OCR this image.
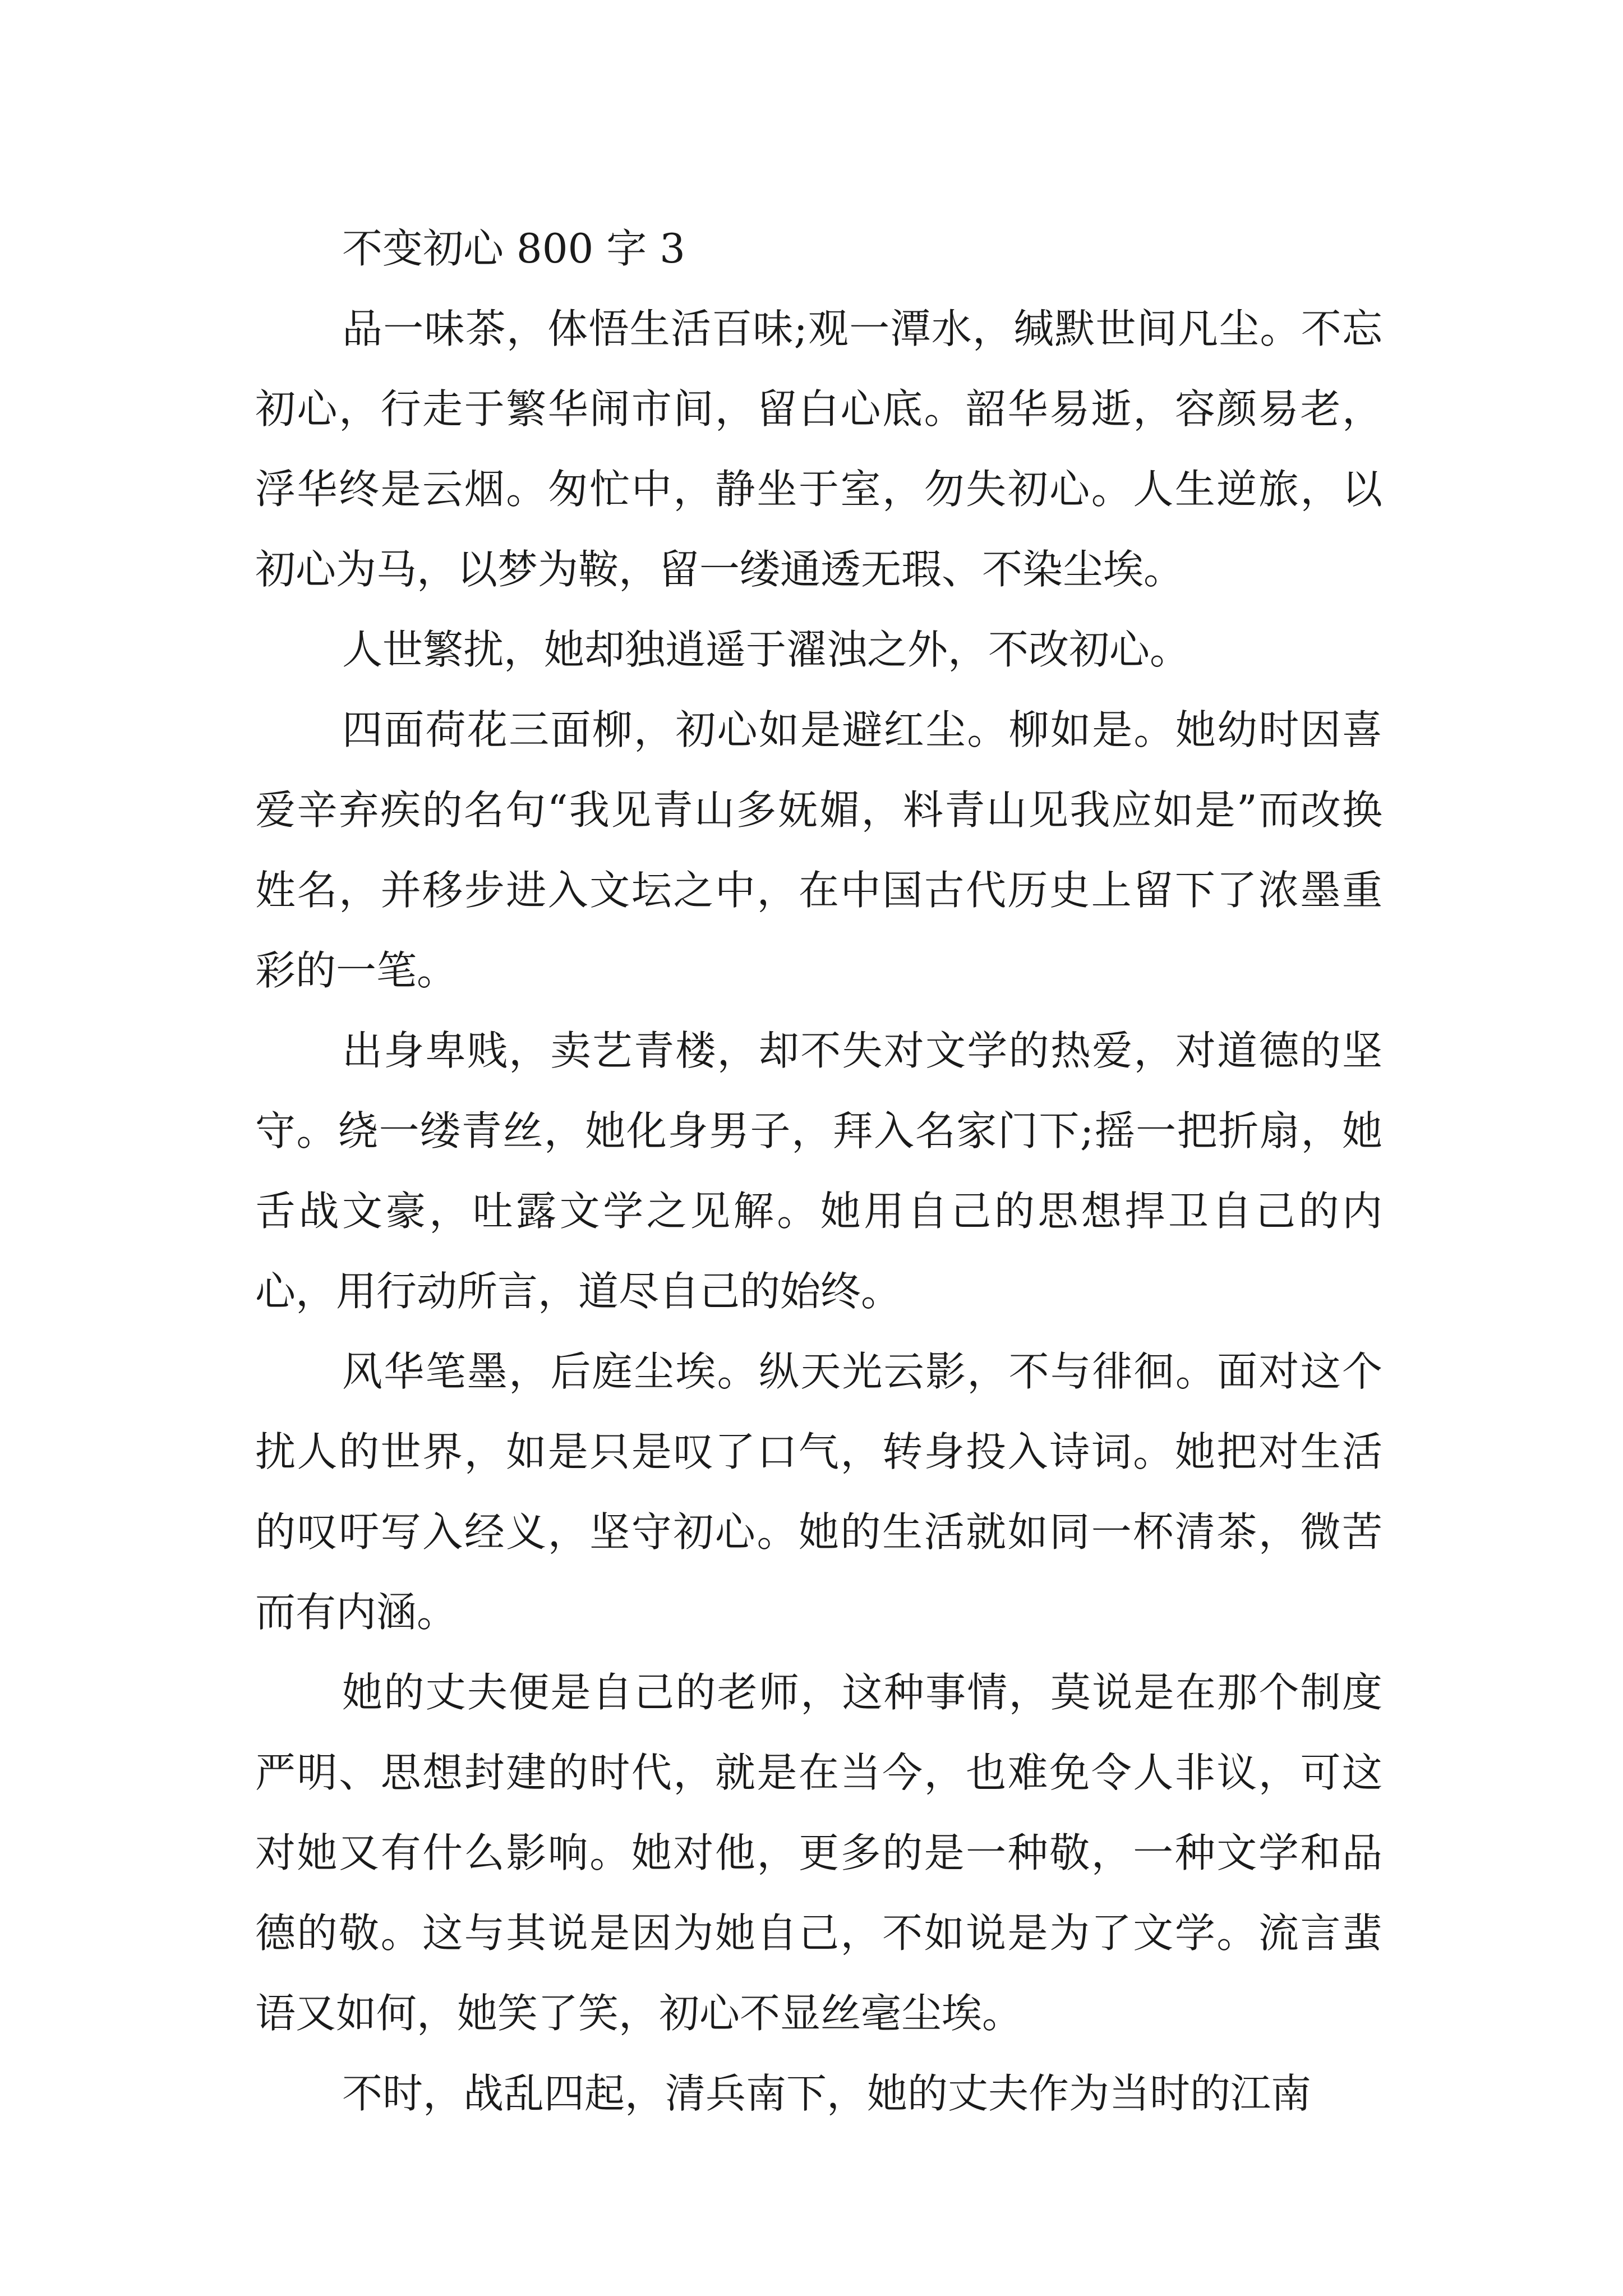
不变初心 800 字 3

品一味茶，体悟生活百味;观一潭水，缄默世间凡尘。不忘初心，行走于繁华闹市间，留白心底。韶华易逝，容颜易老，浮华终是云烟。匆忙中，静坐于室，勿失初心。人生逆旅，以初心为马，以梦为鞍，留一缕通透无瑕、不染尘埃。

人世繁扰，她却独逍遥于濯浊之外，不改初心。

四面荷花三面柳，初心如是避红尘。柳如是。她幼时因喜爱辛弃疾的名句“我见青山多妩媚，料青山见我应如是”而改换姓名，并移步进入文坛之中，在中国古代历史上留下了浓墨重彩的一笔。

出身卑贱，卖艺青楼，却不失对文学的热爱，对道德的坚守。绕一缕青丝，她化身男子，拜入名家门下;摇一把折扇，她舌战文豪，吐露文学之见解。她用自己的思想捍卫自己的内心，用行动所言，道尽自己的始终。

风华笔墨，后庭尘埃。纵天光云影，不与徘徊。面对这个扰人的世界，如是只是叹了口气，转身投入诗词。她把对生活的叹吁写入经义，坚守初心。她的生活就如同一杯清茶，微苦而有内涵。

她的丈夫便是自己的老师，这种事情，莫说是在那个制度严明、思想封建的时代，就是在当今，也难免令人非议，可这对她又有什么影响。她对他，更多的是一种敬，一种文学和品德的敬。这与其说是因为她自己，不如说是为了文学。流言蜚语又如何，她笑了笑，初心不显丝毫尘埃。

不时，战乱四起，清兵南下，她的丈夫作为当时的江南
